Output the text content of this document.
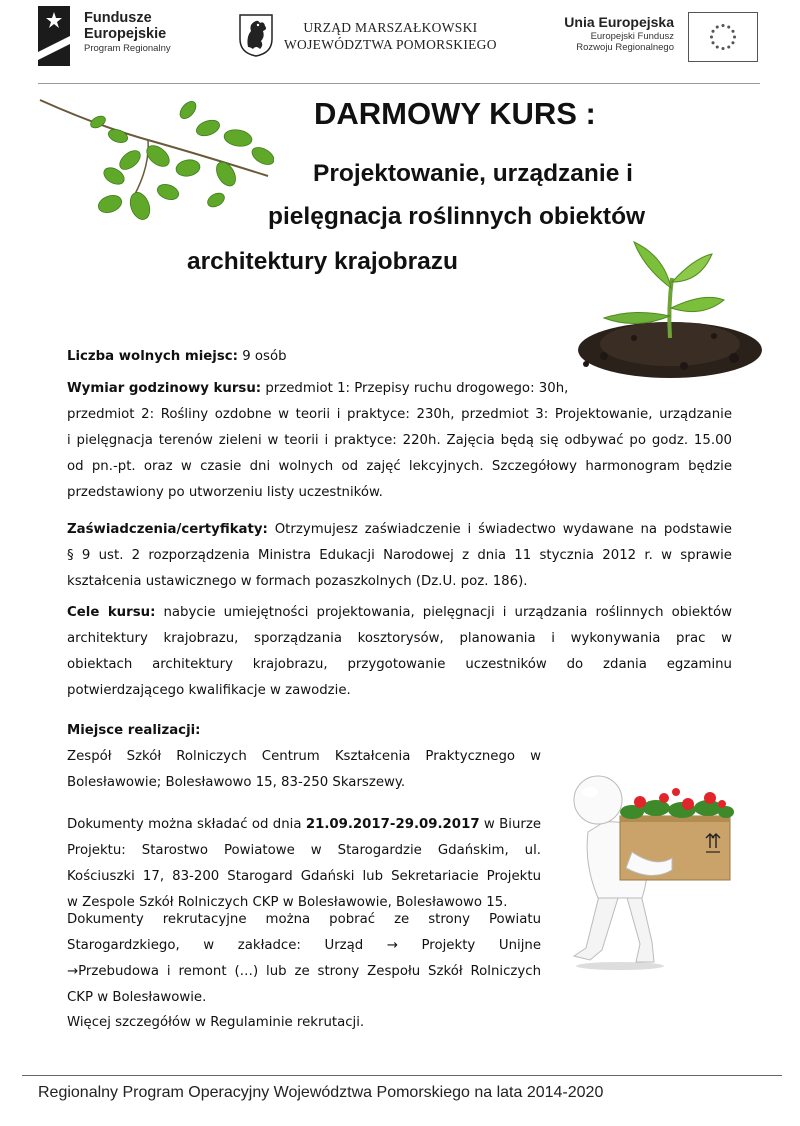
Fundusze
Europejskie
Program Regionalny
URZĄD MARSZAŁKOWSKI
WOJEWÓDZTWA POMORSKIEGO
Unia Europejska
Europejski Fundusz
Rozwoju Regionalnego
DARMOWY KURS :
Projektowanie, urządzanie i
pielęgnacja roślinnych obiektów
architektury krajobrazu
Liczba wolnych miejsc: 9 osób
Wymiar godzinowy kursu: przedmiot 1: Przepisy ruchu drogowego: 30h,
przedmiot 2: Rośliny ozdobne w teorii i praktyce: 230h, przedmiot 3: Projektowanie, urządzanie
i pielęgnacja terenów zieleni w teorii i praktyce: 220h. Zajęcia będą się odbywać po godz. 15.00
od pn.-pt. oraz w czasie dni wolnych od zajęć lekcyjnych. Szczegółowy harmonogram będzie
przedstawiony po utworzeniu listy uczestników.
Zaświadczenia/certyfikaty: Otrzymujesz zaświadczenie i świadectwo wydawane na podstawie
§ 9 ust. 2 rozporządzenia Ministra Edukacji Narodowej z dnia 11 stycznia 2012 r. w sprawie
kształcenia ustawicznego w formach pozaszkolnych (Dz.U. poz. 186).
Cele kursu: nabycie umiejętności projektowania, pielęgnacji i urządzania roślinnych obiektów
architektury krajobrazu, sporządzania kosztorysów, planowania i wykonywania prac w
obiektach architektury krajobrazu, przygotowanie uczestników do zdania egzaminu
potwierdzającego kwalifikacje w zawodzie.
Miejsce realizacji:
Zespół Szkół Rolniczych Centrum Kształcenia Praktycznego w
Bolesławowie; Bolesławowo 15, 83-250 Skarszewy.
Dokumenty można składać od dnia 21.09.2017-29.09.2017 w Biurze
Projektu: Starostwo Powiatowe w Starogardzie Gdańskim, ul.
Kościuszki 17, 83-200 Starogard Gdański lub Sekretariacie Projektu
w Zespole Szkół Rolniczych CKP w Bolesławowie, Bolesławowo 15.
Dokumenty rekrutacyjne można pobrać ze strony Powiatu
Starogardzkiego, w zakładce: Urząd → Projekty Unijne
→Przebudowa i remont (…) lub ze strony Zespołu Szkół Rolniczych
CKP w Bolesławowie.
Więcej szczegółów w Regulaminie rekrutacji.
Regionalny Program Operacyjny Województwa Pomorskiego na lata 2014-2020
